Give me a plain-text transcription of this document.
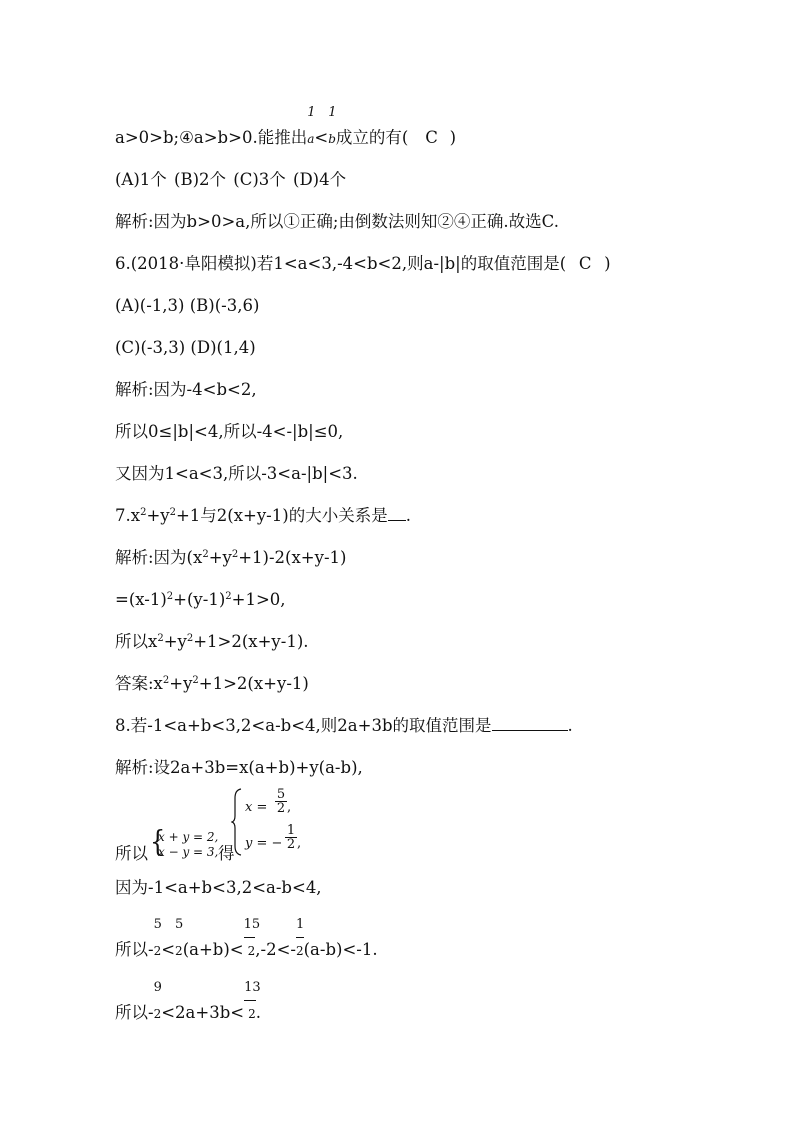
a>0>b;④a>b>0.能推出
1
a<
1
b成立的有( C )
(A)1个 (B)2个 (C)3个 (D)4个
解析:因为b>0>a,所以①正确;由倒数法则知②④正确.故选C.
6.(2018·阜阳模拟)若1<a<3,-4<b<2,则a-|b|的取值范围是( C )
(A)(-1,3) (B)(-3,6)
(C)(-3,3) (D)(1,4)
解析:因为-4<b<2,
所以0≤|b|<4,所以-4<-|b|≤0,
又因为1<a<3,所以-3<a-|b|<3.
$7.x^2+y^2+1$与2(x+y-1)的大小关系是 .
解析:因为$(x^2+y^2+1)-2(x+y-1)$
$=(x-1)^2+(y-1)^2+1>0$,
所以$x^2+y^2+1>2(x+y-1)$.
答案$:x^2+y^2+1>2(x+y-1)$
8.若-1<a+b<3,2<a-b<4,则2a+3b的取值范围是	.
解析:设2a+3b=x(a+b)+y(a-b),
所以 {
x + y = 2,
x − y = 3, 得
x =
5
2 ,
y = −
1
2 ,
因为-1<a+b<3,2<a-b<4,
所以-
5
2<
5
$2(a+b)< \frac{15}{2},-2<- \frac{1}{2}(a-b)<-1$.
所以-
9
$2<2a+3b< \frac{13}{2}$.
